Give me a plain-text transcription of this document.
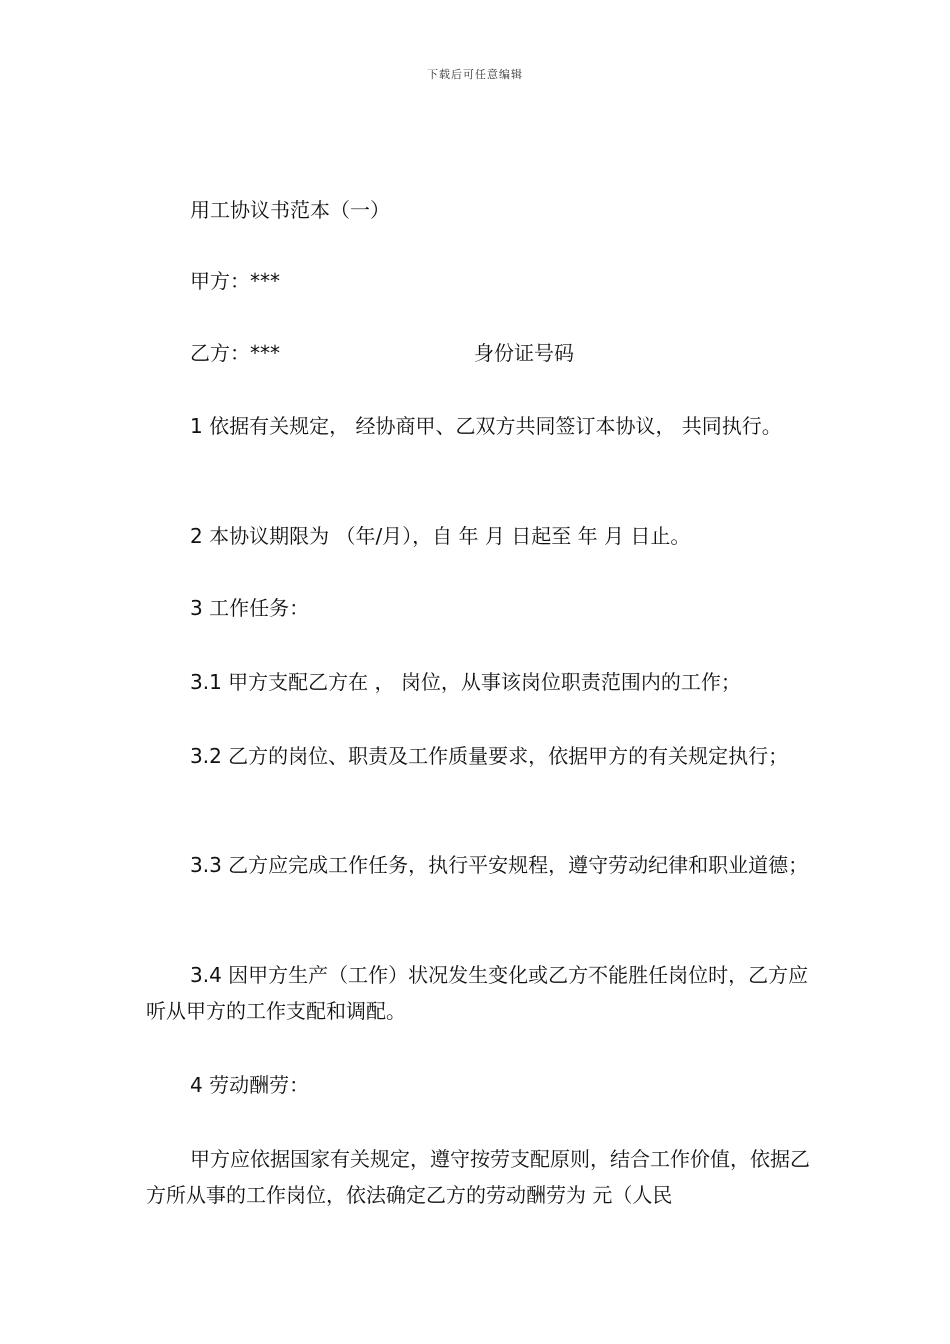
下载后可任意编辑
用工协议书范本（一）
甲方：***
乙方：***	身份证号码
1 依据有关规定， 经协商甲、乙双方共同签订本协议， 共同执行。
2 本协议期限为 （年/月），自 年 月 日起至 年 月 日止。
3 工作任务：
3.1 甲方支配乙方在 ， 岗位，从事该岗位职责范围内的工作；
3.2 乙方的岗位、职责及工作质量要求，依据甲方的有关规定执行；
3.3 乙方应完成工作任务，执行平安规程，遵守劳动纪律和职业道德；
3.4 因甲方生产（工作）状况发生变化或乙方不能胜任岗位时，乙方应听从甲方的工作支配和调配。
4 劳动酬劳：
甲方应依据国家有关规定，遵守按劳支配原则，结合工作价值，依据乙方所从事的工作岗位，依法确定乙方的劳动酬劳为 元（人民
